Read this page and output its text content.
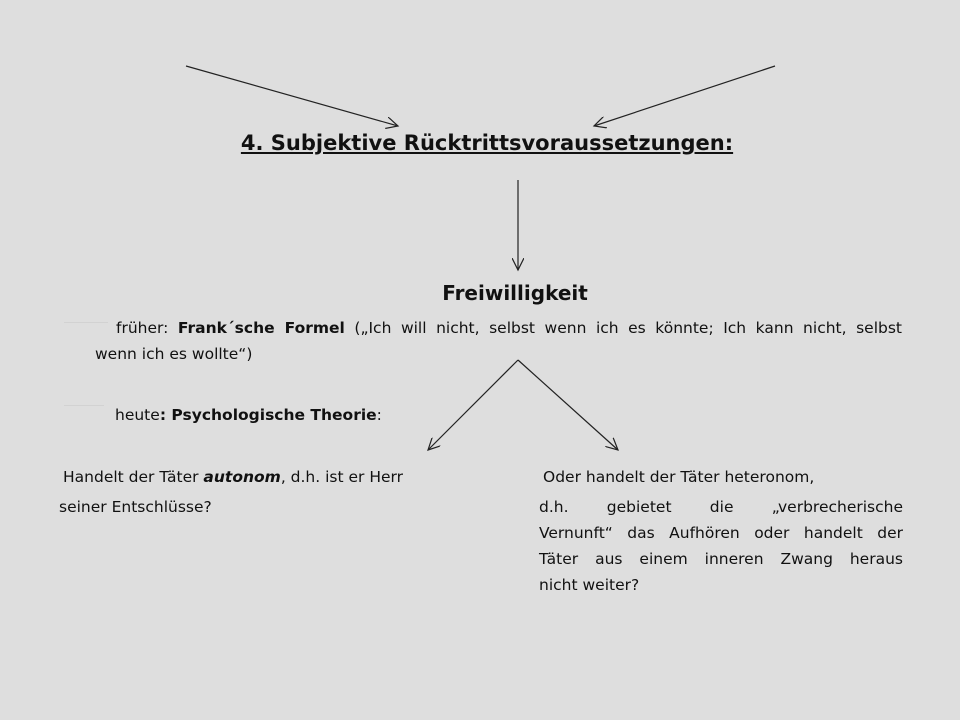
4. Subjektive Rücktrittsvoraussetzungen:
Freiwilligkeit
früher: Frank´sche Formel („Ich will nicht, selbst wenn ich es könnte; Ich kann nicht, selbst
wenn ich es wollte“)
heute: Psychologische Theorie:
Handelt der Täter autonom, d.h. ist er Herr
seiner Entschlüsse?
Oder handelt der Täter heteronom,
d.h. gebietet die „verbrecherische
Vernunft“ das Aufhören oder handelt der
Täter aus einem inneren Zwang heraus
nicht weiter?
